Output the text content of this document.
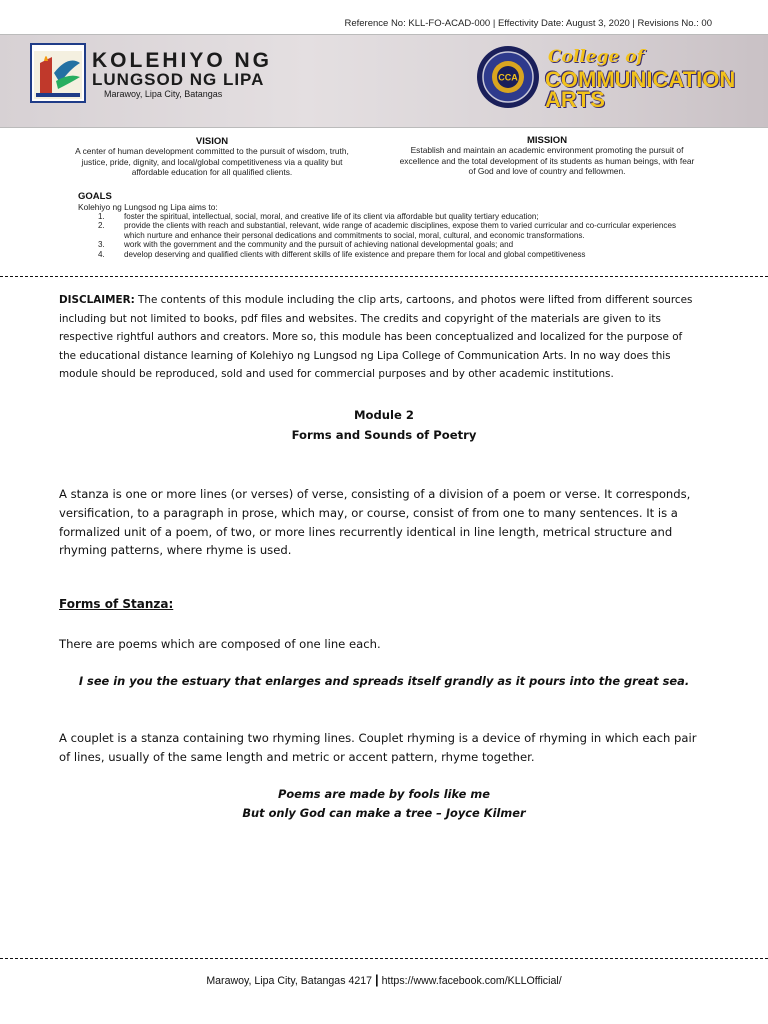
Reference No: KLL-FO-ACAD-000 | Effectivity Date: August 3, 2020 | Revisions No.: 00
KOLEHIYO NG
LUNGSOD NG LIPA
Marawoy, Lipa City, Batangas
CCA
College of
COMMUNICATION
ARTS
VISION
A center of human development committed to the pursuit of wisdom, truth, justice, pride, dignity, and local/global competitiveness via a quality but affordable education for all qualified clients.
MISSION
Establish and maintain an academic environment promoting the pursuit of excellence and the total development of its students as human beings, with fear of God and love of country and fellowmen.
GOALS
Kolehiyo ng Lungsod ng Lipa aims to:
1.	foster the spiritual, intellectual, social, moral, and creative life of its client via affordable but quality tertiary education;
2.	provide the clients with reach and substantial, relevant, wide range of academic disciplines, expose them to varied curricular and co-curricular experiences which nurture and enhance their personal dedications and commitments to social, moral, cultural, and economic transformations.
3.	work with the government and the community and the pursuit of achieving national developmental goals; and
4.	develop deserving and qualified clients with different skills of life existence and prepare them for local and global competitiveness
DISCLAIMER: The contents of this module including the clip arts, cartoons, and photos were lifted from different sources including but not limited to books, pdf files and websites. The credits and copyright of the materials are given to its respective rightful authors and creators. More so, this module has been conceptualized and localized for the purpose of the educational distance learning of Kolehiyo ng Lungsod ng Lipa College of Communication Arts. In no way does this module should be reproduced, sold and used for commercial purposes and by other academic institutions.
Module 2
Forms and Sounds of Poetry
A stanza is one or more lines (or verses) of verse, consisting of a division of a poem or verse. It corresponds, versification, to a paragraph in prose, which may, or course, consist of from one to many sentences. It is a formalized unit of a poem, of two, or more lines recurrently identical in line length, metrical structure and rhyming patterns, where rhyme is used.
Forms of Stanza:
There are poems which are composed of one line each.
I see in you the estuary that enlarges and spreads itself grandly as it pours into the great sea.
A couplet is a stanza containing two rhyming lines. Couplet rhyming is a device of rhyming in which each pair of lines, usually of the same length and metric or accent pattern, rhyme together.
Poems are made by fools like me
But only God can make a tree – Joyce Kilmer
Marawoy, Lipa City, Batangas 4217 | https://www.facebook.com/KLLOfficial/
